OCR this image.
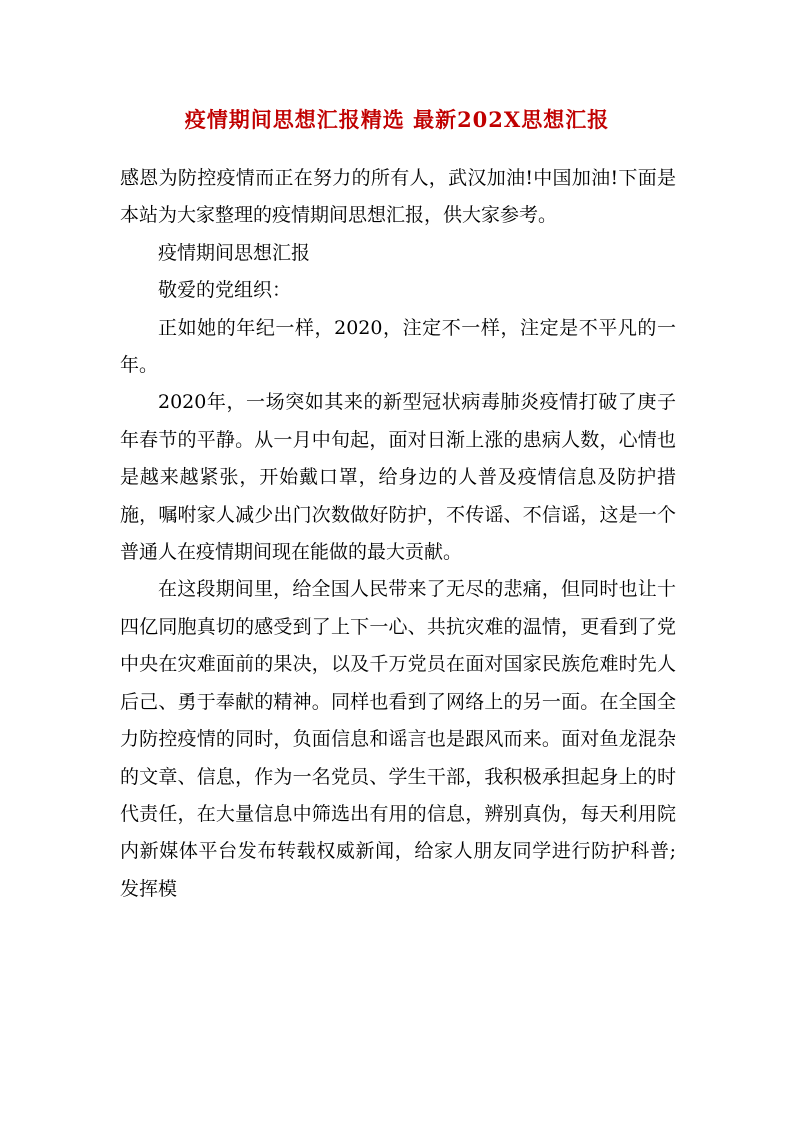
疫情期间思想汇报精选 最新202X思想汇报

感恩为防控疫情而正在努力的所有人，武汉加油!中国加油!下面是本站为大家整理的疫情期间思想汇报，供大家参考。

疫情期间思想汇报

敬爱的党组织：

正如她的年纪一样，2020，注定不一样，注定是不平凡的一年。

2020年，一场突如其来的新型冠状病毒肺炎疫情打破了庚子年春节的平静。从一月中旬起，面对日渐上涨的患病人数，心情也是越来越紧张，开始戴口罩，给身边的人普及疫情信息及防护措施，嘱咐家人减少出门次数做好防护，不传谣、不信谣，这是一个普通人在疫情期间现在能做的最大贡献。

在这段期间里，给全国人民带来了无尽的悲痛，但同时也让十四亿同胞真切的感受到了上下一心、共抗灾难的温情，更看到了党中央在灾难面前的果决，以及千万党员在面对国家民族危难时先人后己、勇于奉献的精神。同样也看到了网络上的另一面。在全国全力防控疫情的同时，负面信息和谣言也是跟风而来。面对鱼龙混杂的文章、信息，作为一名党员、学生干部，我积极承担起身上的时代责任，在大量信息中筛选出有用的信息，辨别真伪，每天利用院内新媒体平台发布转载权威新闻，给家人朋友同学进行防护科普;发挥模
